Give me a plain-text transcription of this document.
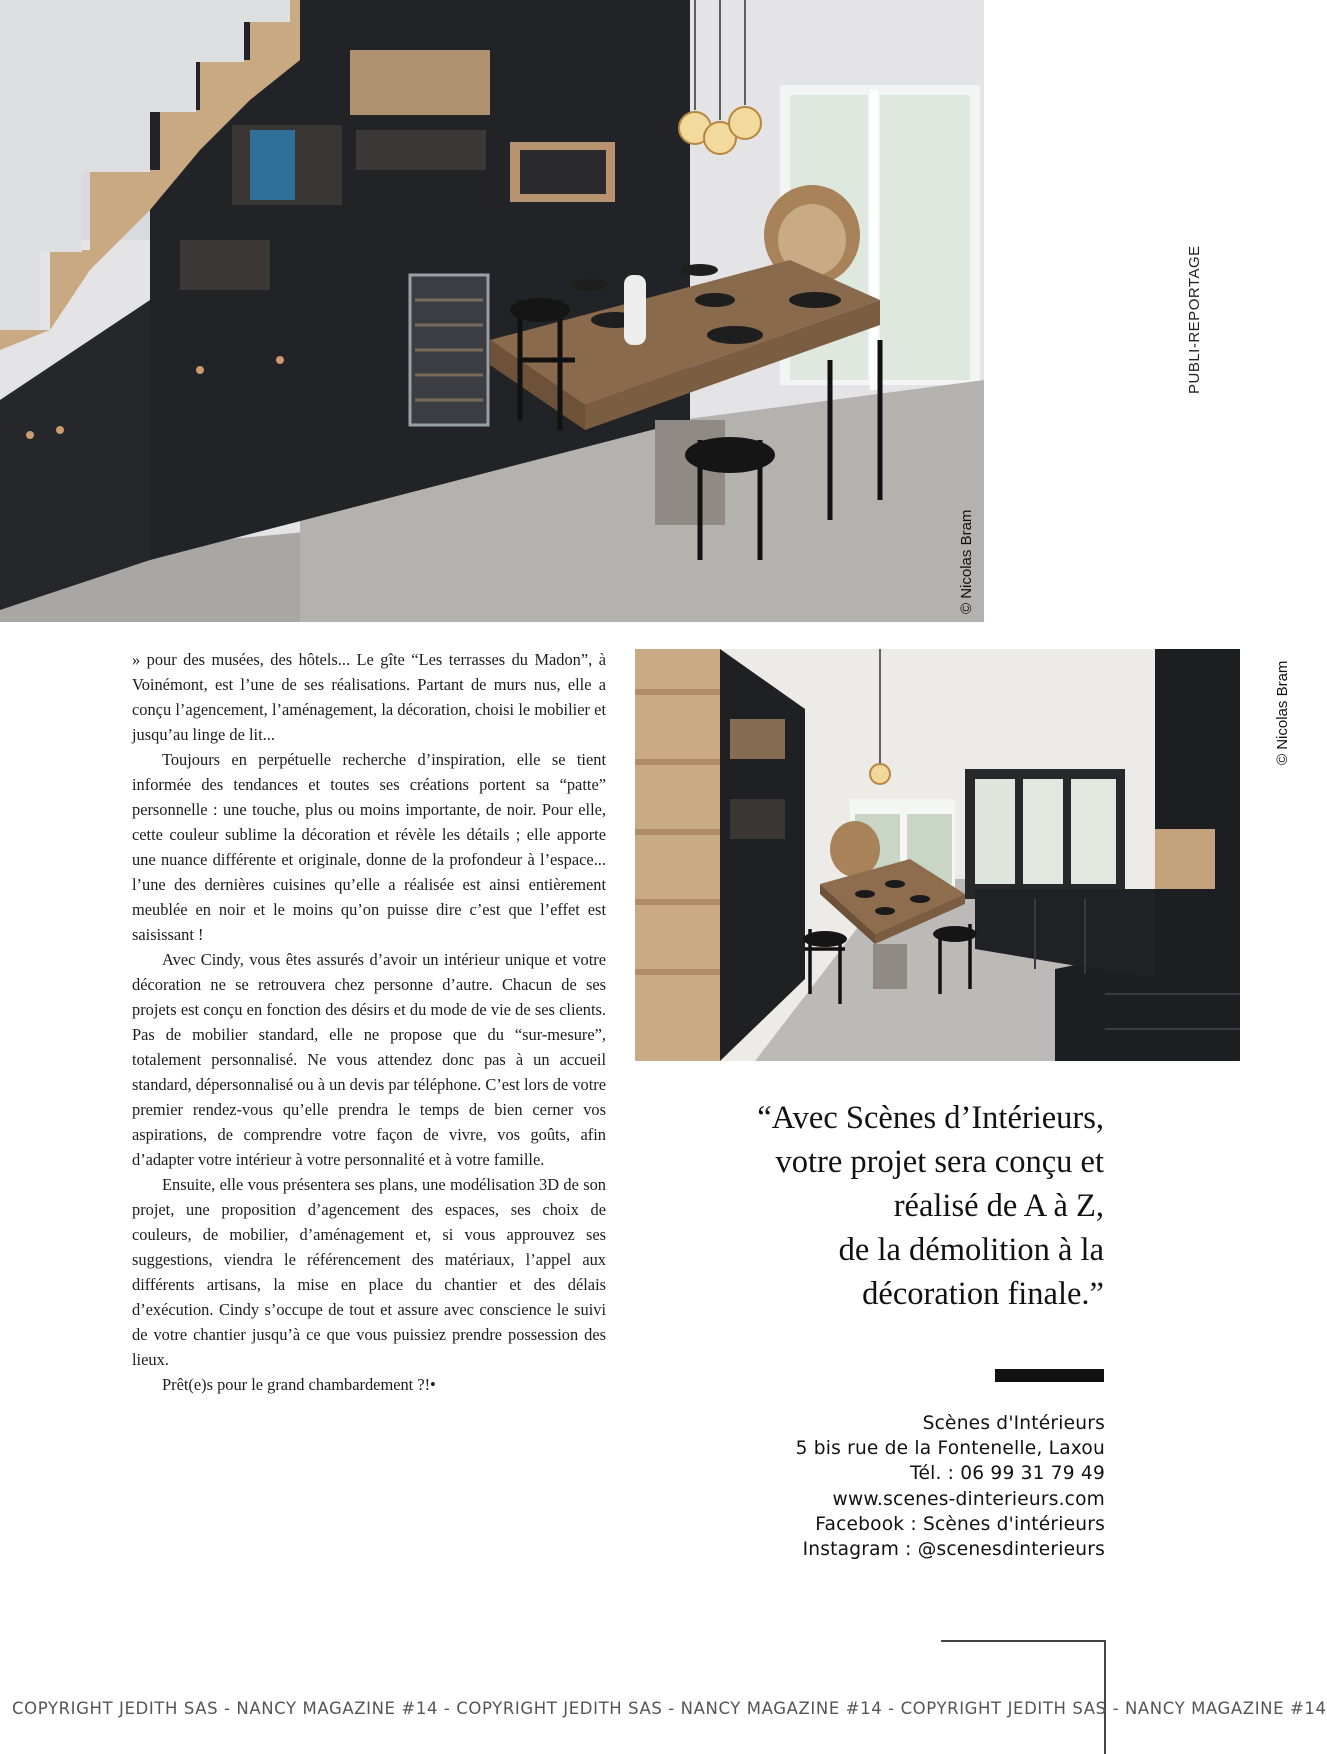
© Nicolas Bram
PUBLI-REPORTAGE
© Nicolas Bram

» pour des musées, des hôtels... Le gîte “Les terrasses du Madon”, à Voinémont, est l’une de ses réalisations. Partant de murs nus, elle a conçu l’agencement, l’aménagement, la décoration, choisi le mobilier et jusqu’au linge de lit...

Toujours en perpétuelle recherche d’inspiration, elle se tient informée des tendances et toutes ses créations portent sa “patte” personnelle : une touche, plus ou moins importante, de noir. Pour elle, cette couleur sublime la décoration et révèle les détails ; elle apporte une nuance différente et originale, donne de la profondeur à l’espace... l’une des dernières cuisines qu’elle a réalisée est ainsi entièrement meublée en noir et le moins qu’on puisse dire c’est que l’effet est saisissant !

Avec Cindy, vous êtes assurés d’avoir un intérieur unique et votre décoration ne se retrouvera chez personne d’autre. Chacun de ses projets est conçu en fonction des désirs et du mode de vie de ses clients. Pas de mobilier standard, elle ne propose que du “sur-mesure”, totalement personnalisé. Ne vous attendez donc pas à un accueil standard, dépersonnalisé ou à un devis par téléphone. C’est lors de votre premier rendez-vous qu’elle prendra le temps de bien cerner vos aspirations, de comprendre votre façon de vivre, vos goûts, afin d’adapter votre intérieur à votre personnalité et à votre famille.

Ensuite, elle vous présentera ses plans, une modélisation 3D de son projet, une proposition d’agencement des espaces, ses choix de couleurs, de mobilier, d’aménagement et, si vous approuvez ses suggestions, viendra le référencement des matériaux, l’appel aux différents artisans, la mise en place du chantier et des délais d’exécution. Cindy s’occupe de tout et assure avec conscience le suivi de votre chantier jusqu’à ce que vous puissiez prendre possession des lieux.

Prêt(e)s pour le grand chambardement ?!•

“Avec Scènes d’Intérieurs,
votre projet sera conçu et
réalisé de A à Z,
de la démolition à la
décoration finale.”
Scènes d'Intérieurs
5 bis rue de la Fontenelle, Laxou
Tél. : 06 99 31 79 49
www.scenes-dinterieurs.com
Facebook : Scènes d'intérieurs
Instagram : @scenesdinterieurs
COPYRIGHT JEDITH SAS - NANCY MAGAZINE #14 - COPYRIGHT JEDITH SAS - NANCY MAGAZINE #14 - COPYRIGHT JEDITH SAS - NANCY MAGAZINE #14
